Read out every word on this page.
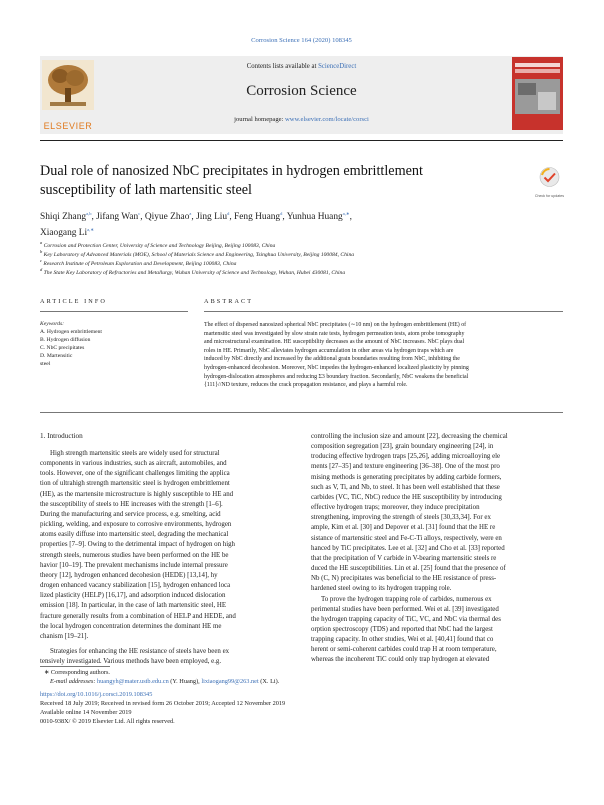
Corrosion Science 164 (2020) 108345
ELSEVIER
Contents lists available at ScienceDirect
Corrosion Science
journal homepage: www.elsevier.com/locate/corsci
CORROSION SCIENCE
Dual role of nanosized NbC precipitates in hydrogen embrittlement
susceptibility of lath martensitic steel	Check for updates
Shiqi Zhang$^{a,b}$, Jifang Wan$^c$, Qiyue Zhao$^a$, Jing Liu$^d$, Feng Huang$^d$, Yunhua Huang$^{a,∗}$,
Xiaogang $Li^{a,∗}$
$^a$ Corrosion and Protection Center, University of Science and Technology Beijing, Beijing 100083, China
$^b$ Key Laboratory of Advanced Materials (MOE), School of Materials Science and Engineering, Tsinghua University, Beijing 100084, China
$^c$ Research Institute of Petroleum Exploration and Development, Beijing 100083, China
$^d$ The State Key Laboratory of Refractories and Metallurgy, Wuhan University of Science and Technology, Wuhan, Hubei 430081, China
ARTICLE INFO	ABSTRACT
Keywords:
A. Hydrogen embrittlement
B. Hydrogen diffusion
C. NbC precipitates
D. Martensitic
steel
The effect of dispersed nanosized spherical NbC precipitates (∼10 nm) on the hydrogen embrittlement (HE) of
martensitic steel was investigated by slow strain rate tests, hydrogen permeation tests, atom probe tomography
and microstructural examination. HE susceptibility decreases as the amount of NbC increases. NbC plays dual
roles in HE. Primarily, NbC alleviates hydrogen accumulation in other areas via hydrogen traps which are
induced by NbC directly and increased by the additional grain boundaries resulting from NbC, inhibiting the
hydrogen-enhanced decohesion. Moreover, NbC impedes the hydrogen-enhanced localized plasticity by pinning
hydrogen-dislocation atmospheres and reducing Σ3 boundary fraction. Secondarily, NbC weakens the beneficial
{111}//ND texture, reduces the crack propagation resistance, and plays a harmful role.
1. Introduction
High strength martensitic steels are widely used for structural
components in various industries, such as aircraft, automobiles, and
tools. However, one of the significant challenges limiting the applica
tion of ultrahigh strength martensitic steel is hydrogen embrittlement
(HE), as the martensite microstructure is highly susceptible to HE and
the susceptibility of steels to HE increases with the strength [1–6].
During the manufacturing and service process, e.g. smelting, acid
pickling, welding, and exposure to corrosive environments, hydrogen
atoms easily diffuse into martensitic steel, degrading the mechanical
properties [7–9]. Owing to the detrimental impact of hydrogen on high
strength steels, numerous studies have been performed on the HE be
havior [10–19]. The prevalent mechanisms include internal pressure
theory [12], hydrogen enhanced decohesion (HEDE) [13,14], hy
drogen enhanced vacancy stabilization [15], hydrogen enhanced loca
lized plasticity (HELP) [16,17], and adsorption induced dislocation
emission [18]. In particular, in the case of lath martensitic steel, HE
fracture generally results from a combination of HELP and HEDE, and
the local hydrogen concentration determines the dominant HE me
chanism [19–21].
Strategies for enhancing the HE resistance of steels have been ex
tensively investigated. Various methods have been employed, e.g.
controlling the inclusion size and amount [22], decreasing the chemical
composition segregation [23], grain boundary engineering [24], in
troducing effective hydrogen traps [25,26], adding microalloying ele
ments [27–35] and texture engineering [36–38]. One of the most pro
mising methods is generating precipitates by adding carbide formers,
such as V, Ti, and Nb, to steel. It has been well established that these
carbides (VC, TiC, NbC) reduce the HE susceptibility by introducing
effective hydrogen traps; moreover, they induce precipitation
strengthening, improving the strength of steels [30,33,34]. For ex
ample, Kim et al. [30] and Depover et al. [31] found that the HE re
sistance of martensitic steel and Fe-C-Ti alloys, respectively, were en
hanced by TiC precipitates. Lee et al. [32] and Cho et al. [33] reported
that the precipitation of V carbide in V-bearing martensitic steels re
duced the HE susceptibilities. Lin et al. [25] found that the presence of
Nb (C, N) precipitates was beneficial to the HE resistance of press-
hardened steel owing to its hydrogen trapping role.
To prove the hydrogen trapping role of carbides, numerous ex
perimental studies have been performed. Wei et al. [39] investigated
the hydrogen trapping capacity of TiC, VC, and NbC via thermal des
orption spectroscopy (TDS) and reported that NbC had the largest
trapping capacity. In other studies, Wei et al. [40,41] found that co
herent or semi-coherent carbides could trap H at room temperature,
whereas the incoherent TiC could only trap hydrogen at elevated
∗ Corresponding authors.
E-mail addresses: huangyh@mater.ustb.edu.cn (Y. Huang), lixiaogang99@263.net (X. Li).
https://doi.org/10.1016/j.corsci.2019.108345
Received 18 July 2019; Received in revised form 26 October 2019; Accepted 12 November 2019
Available online 14 November 2019
0010-938X/ © 2019 Elsevier Ltd. All rights reserved.
